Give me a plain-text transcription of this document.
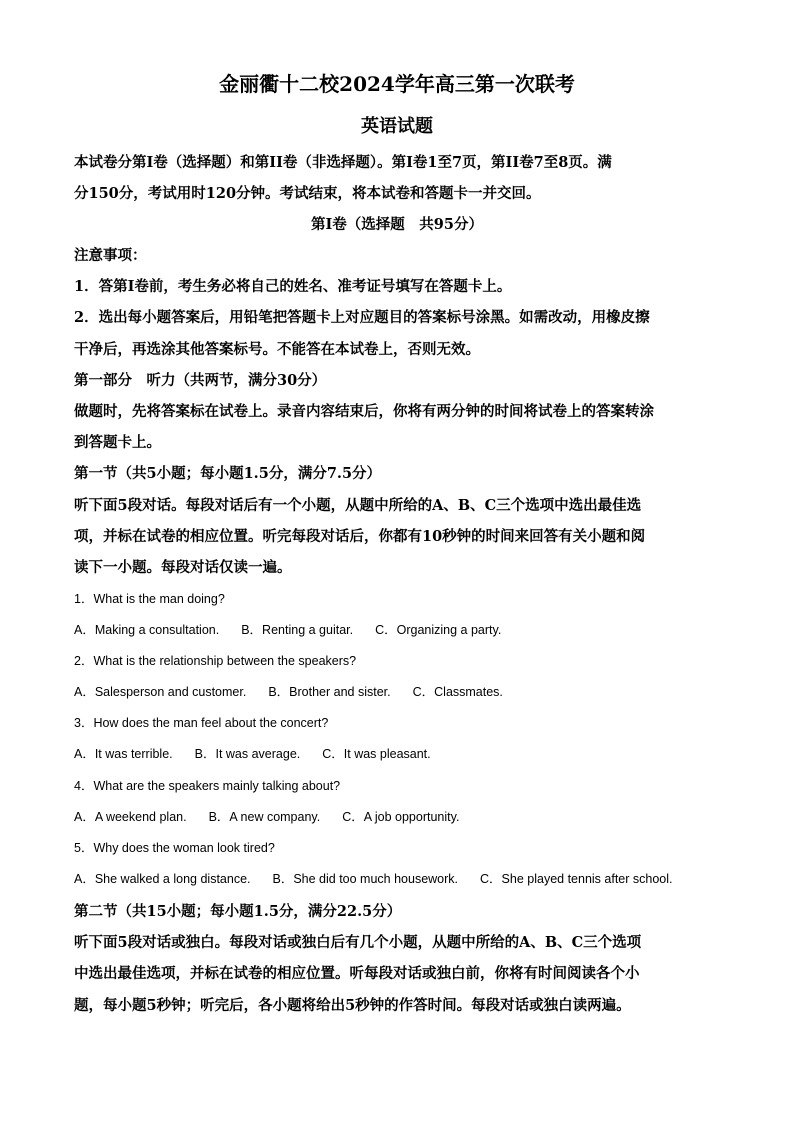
金丽衢十二校2024学年高三第一次联考
英语试题
本试卷分第I卷（选择题）和第II卷（非选择题）。第I卷1至7页，第II卷7至8页。满
分150分，考试用时120分钟。考试结束，将本试卷和答题卡一并交回。
第I卷（选择题　共95分）
注意事项：
1．答第I卷前，考生务必将自己的姓名、准考证号填写在答题卡上。
2．选出每小题答案后，用铅笔把答题卡上对应题目的答案标号涂黑。如需改动，用橡皮擦
干净后，再选涂其他答案标号。不能答在本试卷上，否则无效。
第一部分　听力（共两节，满分30分）
做题时，先将答案标在试卷上。录音内容结束后，你将有两分钟的时间将试卷上的答案转涂
到答题卡上。
第一节（共5小题；每小题1.5分，满分7.5分）
听下面5段对话。每段对话后有一个小题，从题中所给的A、B、C三个选项中选出最佳选
项，并标在试卷的相应位置。听完每段对话后，你都有10秒钟的时间来回答有关小题和阅
读下一小题。每段对话仅读一遍。
1．What is the man doing?
A．Making a consultation. B．Renting a guitar. C．Organizing a party.
2．What is the relationship between the speakers?
A．Salesperson and customer. B．Brother and sister. C．Classmates.
3．How does the man feel about the concert?
A．It was terrible. B．It was average. C．It was pleasant.
4．What are the speakers mainly talking about?
A．A weekend plan. B．A new company. C．A job opportunity.
5．Why does the woman look tired?
A．She walked a long distance. B．She did too much housework. C．She played tennis after school.
第二节（共15小题；每小题1.5分，满分22.5分）
听下面5段对话或独白。每段对话或独白后有几个小题，从题中所给的A、B、C三个选项
中选出最佳选项，并标在试卷的相应位置。听每段对话或独白前，你将有时间阅读各个小
题，每小题5秒钟；听完后，各小题将给出5秒钟的作答时间。每段对话或独白读两遍。
